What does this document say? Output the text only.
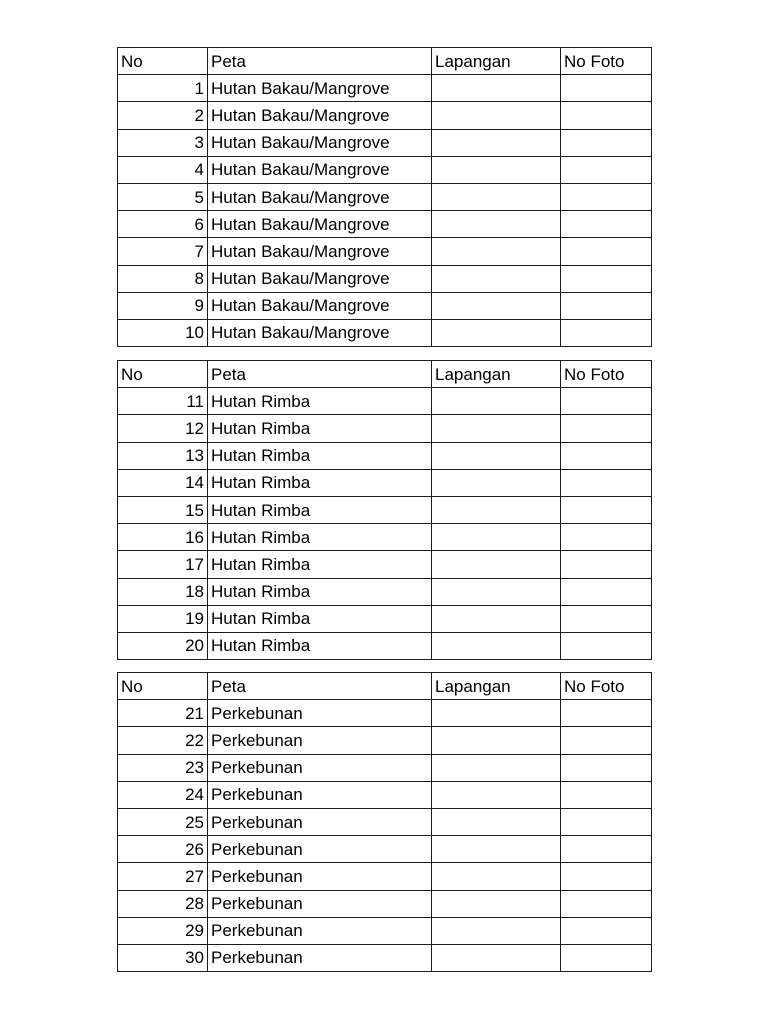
No	Peta	Lapangan	No Foto
1	Hutan Bakau/Mangrove		
2	Hutan Bakau/Mangrove		
3	Hutan Bakau/Mangrove		
4	Hutan Bakau/Mangrove		
5	Hutan Bakau/Mangrove		
6	Hutan Bakau/Mangrove		
7	Hutan Bakau/Mangrove		
8	Hutan Bakau/Mangrove		
9	Hutan Bakau/Mangrove		
10	Hutan Bakau/Mangrove		
No	Peta	Lapangan	No Foto
11	Hutan Rimba		
12	Hutan Rimba		
13	Hutan Rimba		
14	Hutan Rimba		
15	Hutan Rimba		
16	Hutan Rimba		
17	Hutan Rimba		
18	Hutan Rimba		
19	Hutan Rimba		
20	Hutan Rimba		
No	Peta	Lapangan	No Foto
21	Perkebunan		
22	Perkebunan		
23	Perkebunan		
24	Perkebunan		
25	Perkebunan		
26	Perkebunan		
27	Perkebunan		
28	Perkebunan		
29	Perkebunan		
30	Perkebunan		
